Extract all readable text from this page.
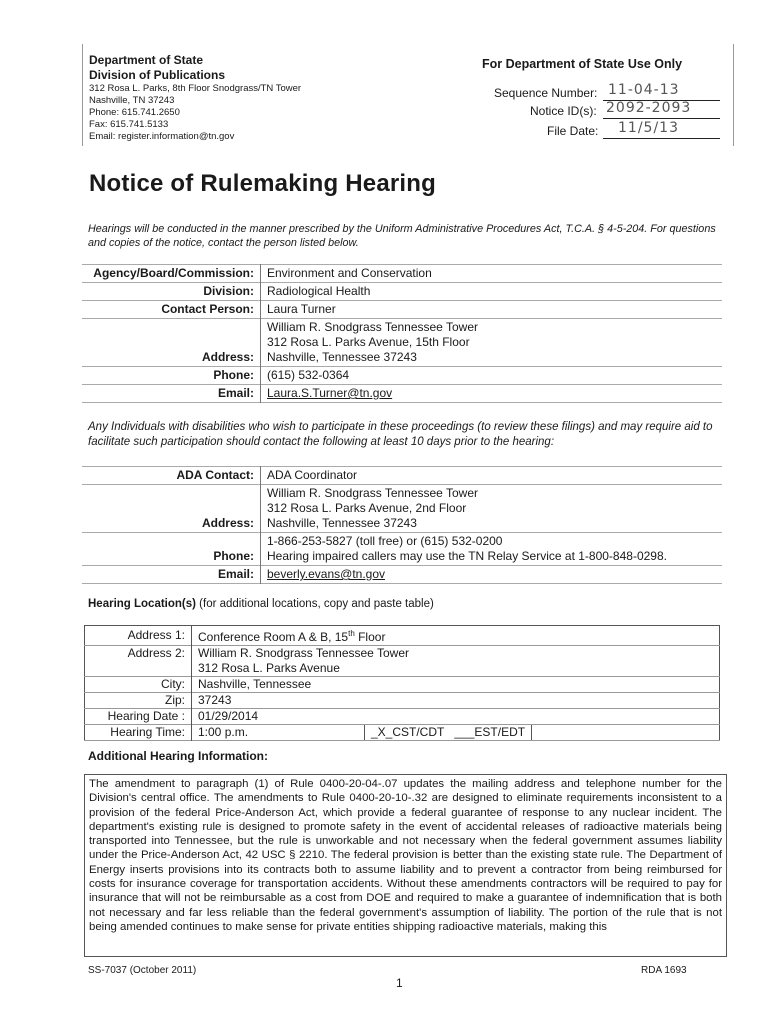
Department of State
Division of Publications
312 Rosa L. Parks, 8th Floor Snodgrass/TN Tower
Nashville, TN 37243
Phone: 615.741.2650
Fax: 615.741.5133
Email: register.information@tn.gov
For Department of State Use Only
Sequence Number: 11-04-13
Notice ID(s): 2092-2093
File Date: 11/5/13
Notice of Rulemaking Hearing
Hearings will be conducted in the manner prescribed by the Uniform Administrative Procedures Act, T.C.A. § 4-5-204. For questions and copies of the notice, contact the person listed below.
Agency/Board/Commission:	Environment and Conservation
Division:	Radiological Health
Contact Person:	Laura Turner
Address:	William R. Snodgrass Tennessee Tower
312 Rosa L. Parks Avenue, 15th Floor
Nashville, Tennessee 37243

Phone:	(615) 532-0364
Email:	Laura.S.Turner@tn.gov
Any Individuals with disabilities who wish to participate in these proceedings (to review these filings) and may require aid to facilitate such participation should contact the following at least 10 days prior to the hearing:
ADA Contact:	ADA Coordinator
Address:	William R. Snodgrass Tennessee Tower
312 Rosa L. Parks Avenue, 2nd Floor
Nashville, Tennessee 37243

Phone:	1-866-253-5827 (toll free) or (615) 532-0200
Hearing impaired callers may use the TN Relay Service at 1-800-848-0298.

Email:	beverly.evans@tn.gov
Hearing Location(s) (for additional locations, copy and paste table)
Address 1:	Conference Room A & B, 15th Floor
Address 2:	William R. Snodgrass Tennessee Tower
312 Rosa L. Parks Avenue

City:	Nashville, Tennessee
Zip:	37243
Hearing Date :	01/29/2014
Hearing Time:	1:00 p.m. _X_CST/CDT ___EST/EDT
Additional Hearing Information:
The amendment to paragraph (1) of Rule 0400-20-04-.07 updates the mailing address and telephone number for the Division's central office. The amendments to Rule 0400-20-10-.32 are designed to eliminate requirements inconsistent to a provision of the federal Price-Anderson Act, which provide a federal guarantee of response to any nuclear incident. The department's existing rule is designed to promote safety in the event of accidental releases of radioactive materials being transported into Tennessee, but the rule is unworkable and not necessary when the federal government assumes liability under the Price-Anderson Act, 42 USC § 2210. The federal provision is better than the existing state rule. The Department of Energy inserts provisions into its contracts both to assume liability and to prevent a contractor from being reimbursed for costs for insurance coverage for transportation accidents. Without these amendments contractors will be required to pay for insurance that will not be reimbursable as a cost from DOE and required to make a guarantee of indemnification that is both not necessary and far less reliable than the federal government's assumption of liability. The portion of the rule that is not being amended continues to make sense for private entities shipping radioactive materials, making this
SS-7037 (October 2011)	RDA 1693
1
